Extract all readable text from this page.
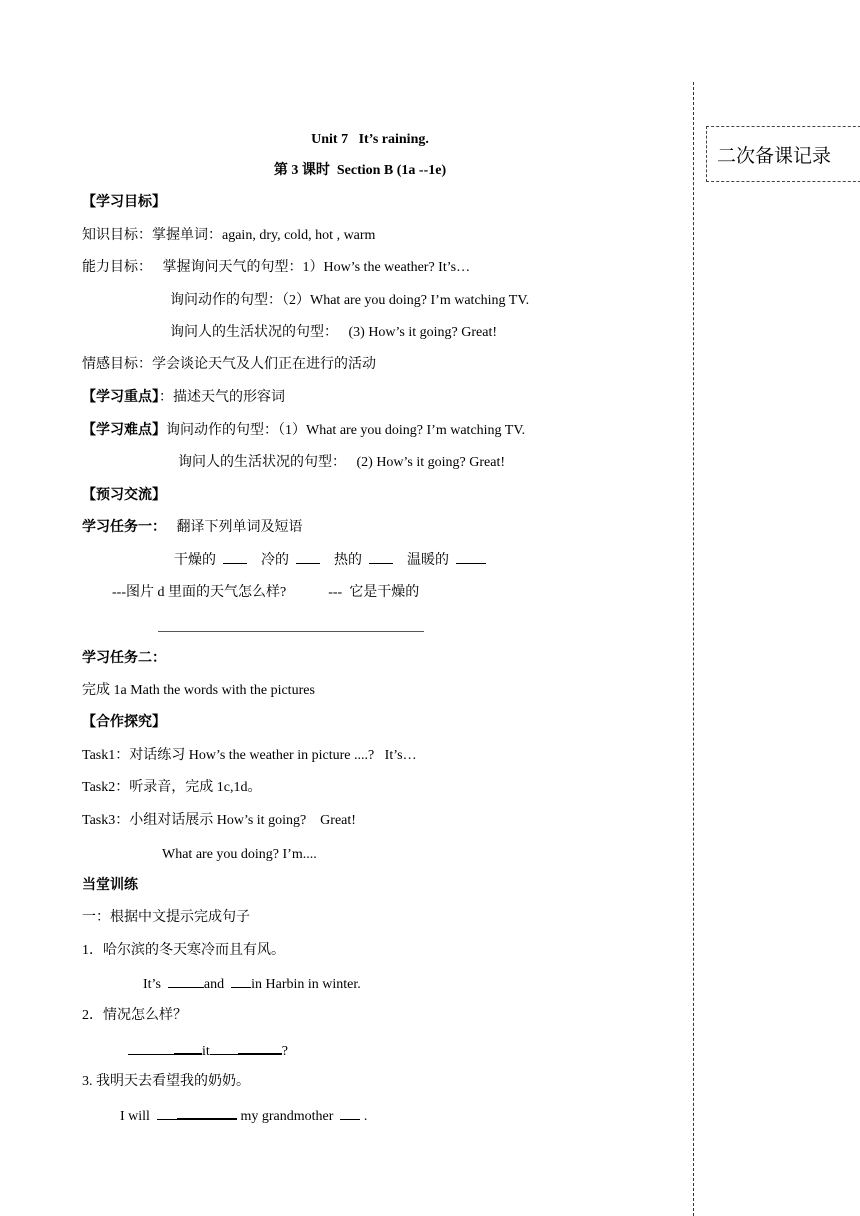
二次备课记录
Unit 7   It’s raining.
第 3 课时  Section B (1a --1e)
【学习目标】
知识目标：掌握单词：again, dry, cold, hot , warm
能力目标：   掌握询问天气的句型：1）How’s the weather? It’s…
询问动作的句型：（2）What are you doing? I’m watching TV.
询问人的生活状况的句型：   (3) How’s it going? Great!
情感目标：学会谈论天气及人们正在进行的活动
【学习重点】：描述天气的形容词
【学习难点】询问动作的句型：（1）What are you doing? I’m watching TV.
询问人的生活状况的句型：   (2) How’s it going? Great!
【预习交流】
学习任务一：   翻译下列单词及短语
干燥的	冷的	热的	温暖的
---图片 d 里面的天气怎么样?	---  它是干燥的
学习任务二：
完成 1a Math the words with the pictures
【合作探究】
Task1：对话练习 How’s the weather in picture ....?   It’s…
Task2：听录音，完成 1c,1d。
Task3：小组对话展示 How’s it going?    Great!
What are you doing? I’m....
当堂训练
一：根据中文提示完成句子
1．哈尔滨的冬天寒冷而且有风。
It’s	and in Harbin in winter.
2．情况怎么样？
it	?
3. 我明天去看望我的奶奶。
I will	my grandmother .
